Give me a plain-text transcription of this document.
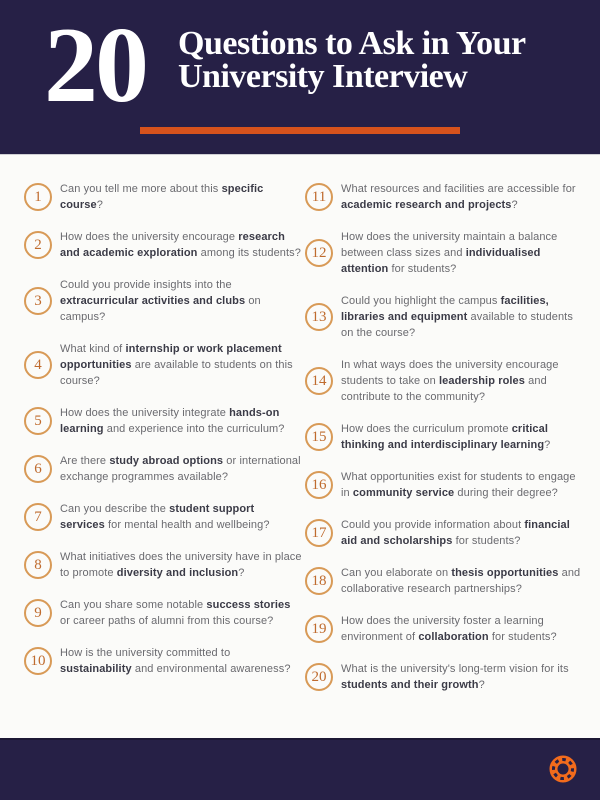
20 Questions to Ask in Your
University Interview
1	Can you tell me more about this specific course?

2	How does the university encourage research and academic exploration among its students?

3

Could you provide insights into the extracurricular activities and clubs on campus?

4

What kind of internship or work placement opportunities are available to students on this course?

5	How does the university integrate hands-on learning and experience into the curriculum?

6	Are there study abroad options or international exchange programmes available?

7	Can you describe the student support services for mental health and wellbeing?

8	What initiatives does the university have in place to promote diversity and inclusion?

9	Can you share some notable success stories or career paths of alumni from this course?

10	How is the university committed to sustainability and environmental awareness?

11	What resources and facilities are accessible for academic research and projects?

12

How does the university maintain a balance between class sizes and individualised attention for students?

13

Could you highlight the campus facilities, libraries and equipment available to students on the course?

14

In what ways does the university encourage students to take on leadership roles and contribute to the community?

15	How does the curriculum promote critical thinking and interdisciplinary learning?

16	What opportunities exist for students to engage in community service during their degree?

17	Could you provide information about financial aid and scholarships for students?

18	Can you elaborate on thesis opportunities and collaborative research partnerships?

19	How does the university foster a learning environment of collaboration for students?

20	What is the university's long-term vision for its students and their growth?
